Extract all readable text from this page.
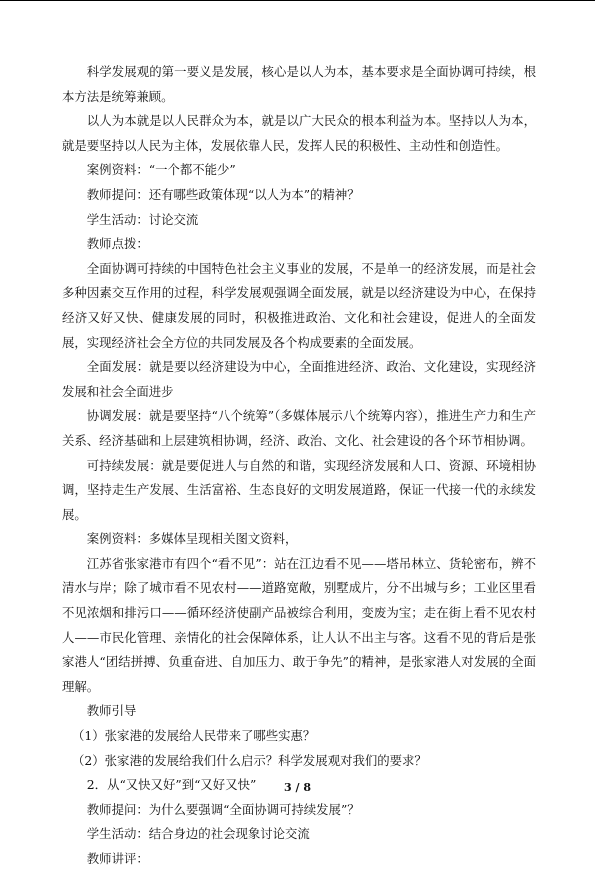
科学发展观的第一要义是发展，核心是以人为本，基本要求是全面协调可持续，根本方法是统筹兼顾。

以人为本就是以人民群众为本，就是以广大民众的根本利益为本。坚持以人为本，就是要坚持以人民为主体，发展依靠人民，发挥人民的积极性、主动性和创造性。

案例资料：“一个都不能少”

教师提问：还有哪些政策体现“以人为本”的精神？

学生活动：讨论交流

教师点拨：

全面协调可持续的中国特色社会主义事业的发展，不是单一的经济发展，而是社会多种因素交互作用的过程，科学发展观强调全面发展，就是以经济建设为中心，在保持经济又好又快、健康发展的同时，积极推进政治、文化和社会建设，促进人的全面发展，实现经济社会全方位的共同发展及各个构成要素的全面发展。

全面发展：就是要以经济建设为中心，全面推进经济、政治、文化建设，实现经济发展和社会全面进步

协调发展：就是要坚持“八个统筹”（多媒体展示八个统筹内容），推进生产力和生产关系、经济基础和上层建筑相协调，经济、政治、文化、社会建设的各个环节相协调。

可持续发展：就是要促进人与自然的和谐，实现经济发展和人口、资源、环境相协调，坚持走生产发展、生活富裕、生态良好的文明发展道路，保证一代接一代的永续发展。

案例资料：多媒体呈现相关图文资料，

江苏省张家港市有四个“看不见”：站在江边看不见——塔吊林立、货轮密布，辨不清水与岸；除了城市看不见农村——道路宽敞，别墅成片，分不出城与乡；工业区里看不见浓烟和排污口——循环经济使副产品被综合利用，变废为宝；走在街上看不见农村人——市民化管理、亲情化的社会保障体系，让人认不出主与客。这看不见的背后是张家港人“团结拼搏、负重奋进、自加压力、敢于争先”的精神，是张家港人对发展的全面理解。

教师引导

（1）张家港的发展给人民带来了哪些实惠？

（2）张家港的发展给我们什么启示？科学发展观对我们的要求？

2．从“又快又好”到“又好又快”

教师提问：为什么要强调“全面协调可持续发展”？

学生活动：结合身边的社会现象讨论交流

教师讲评：

3 / 8
